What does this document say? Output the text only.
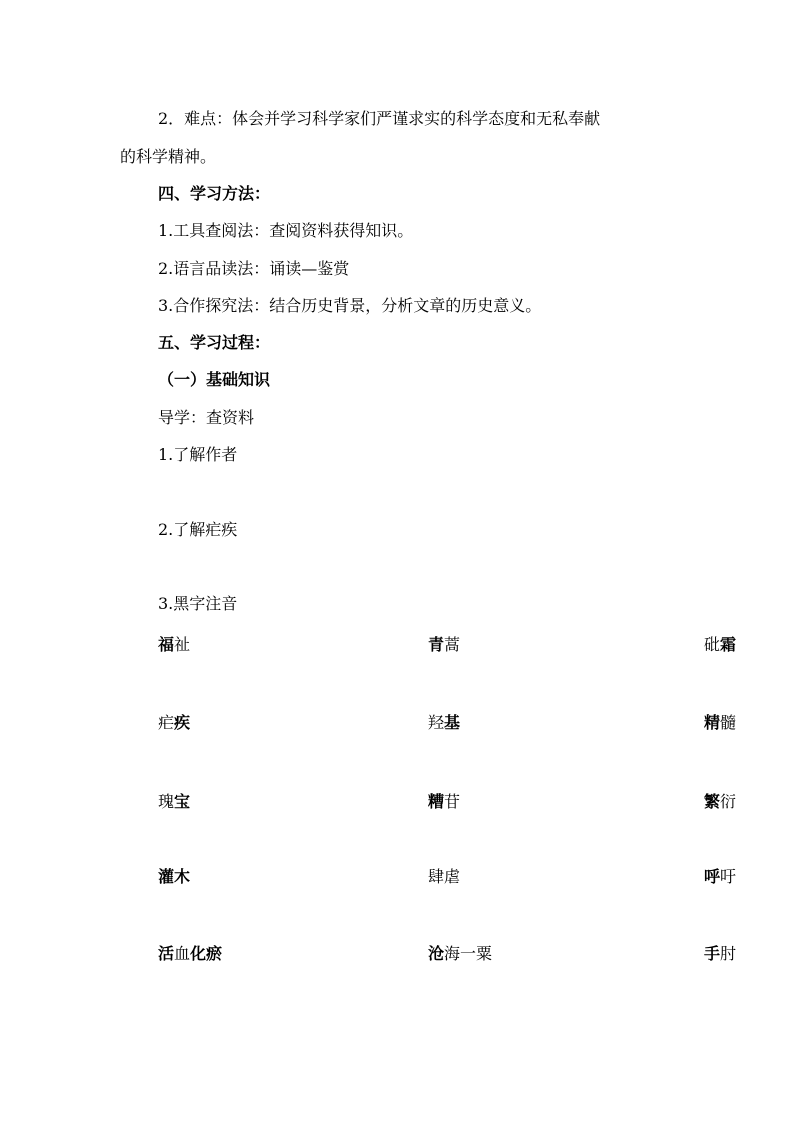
2．难点：体会并学习科学家们严谨求实的科学态度和无私奉献
的科学精神。
四、学习方法：
1.工具查阅法：查阅资料获得知识。
2.语言品读法：诵读—鉴赏
3.合作探究法：结合历史背景，分析文章的历史意义。
五、学习过程：
（一）基础知识
导学：查资料
1.了解作者
2.了解疟疾
3.黑字注音
福祉	青蒿	砒霜
疟疾	羟基	精髓
瑰宝	糟苷	繁衍
灌木	肆虐	呼吁
活血化瘀	沧海一粟	手肘
